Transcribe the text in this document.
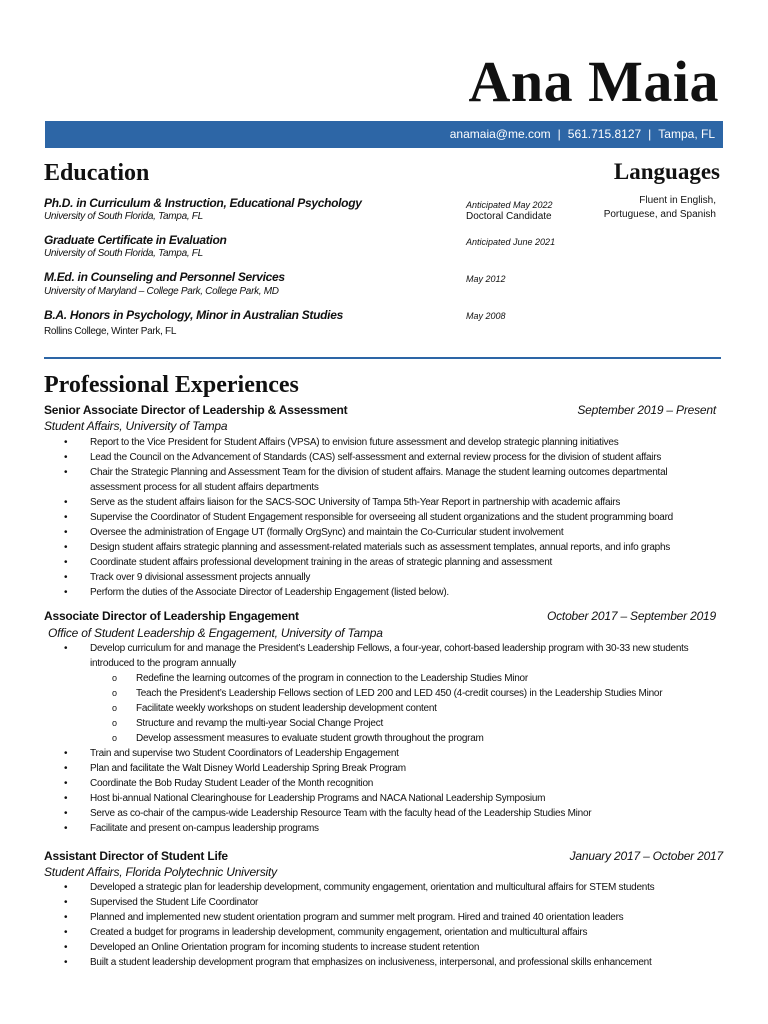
Ana Maia
anamaia@me.com | 561.715.8127 | Tampa, FL
Education	Languages
Ph.D. in Curriculum & Instruction, Educational Psychology
University of South Florida, Tampa, FL
Anticipated May 2022
Doctoral Candidate
Graduate Certificate in Evaluation
University of South Florida, Tampa, FL
Anticipated June 2021
M.Ed. in Counseling and Personnel Services
University of Maryland – College Park, College Park, MD
May 2012
B.A. Honors in Psychology, Minor in Australian Studies
Rollins College, Winter Park, FL
May 2008
Fluent in English, Portuguese, and Spanish
Professional Experiences
Senior Associate Director of Leadership & Assessment	September 2019 – Present
Student Affairs, University of Tampa
• Report to the Vice President for Student Affairs (VPSA) to envision future assessment and develop strategic planning initiatives
• Lead the Council on the Advancement of Standards (CAS) self-assessment and external review process for the division of student affairs
• Chair the Strategic Planning and Assessment Team for the division of student affairs. Manage the student learning outcomes departmental assessment process for all student affairs departments
• Serve as the student affairs liaison for the SACS-SOC University of Tampa 5th-Year Report in partnership with academic affairs
• Supervise the Coordinator of Student Engagement responsible for overseeing all student organizations and the student programming board
• Oversee the administration of Engage UT (formally OrgSync) and maintain the Co-Curricular student involvement
• Design student affairs strategic planning and assessment-related materials such as assessment templates, annual reports, and info graphs
• Coordinate student affairs professional development training in the areas of strategic planning and assessment
• Track over 9 divisional assessment projects annually
• Perform the duties of the Associate Director of Leadership Engagement (listed below).
Associate Director of Leadership Engagement	October 2017 – September 2019
Office of Student Leadership & Engagement, University of Tampa
• Develop curriculum for and manage the President’s Leadership Fellows, a four-year, cohort-based leadership program with 30-33 new students introduced to the program annually
o Redefine the learning outcomes of the program in connection to the Leadership Studies Minor
o Teach the President’s Leadership Fellows section of LED 200 and LED 450 (4-credit courses) in the Leadership Studies Minor
o Facilitate weekly workshops on student leadership development content
o Structure and revamp the multi-year Social Change Project
o Develop assessment measures to evaluate student growth throughout the program
• Train and supervise two Student Coordinators of Leadership Engagement
• Plan and facilitate the Walt Disney World Leadership Spring Break Program
• Coordinate the Bob Ruday Student Leader of the Month recognition
• Host bi-annual National Clearinghouse for Leadership Programs and NACA National Leadership Symposium
• Serve as co-chair of the campus-wide Leadership Resource Team with the faculty head of the Leadership Studies Minor
• Facilitate and present on-campus leadership programs
Assistant Director of Student Life	January 2017 – October 2017
Student Affairs, Florida Polytechnic University
• Developed a strategic plan for leadership development, community engagement, orientation and multicultural affairs for STEM students
• Supervised the Student Life Coordinator
• Planned and implemented new student orientation program and summer melt program. Hired and trained 40 orientation leaders
• Created a budget for programs in leadership development, community engagement, orientation and multicultural affairs
• Developed an Online Orientation program for incoming students to increase student retention
• Built a student leadership development program that emphasizes on inclusiveness, interpersonal, and professional skills enhancement
